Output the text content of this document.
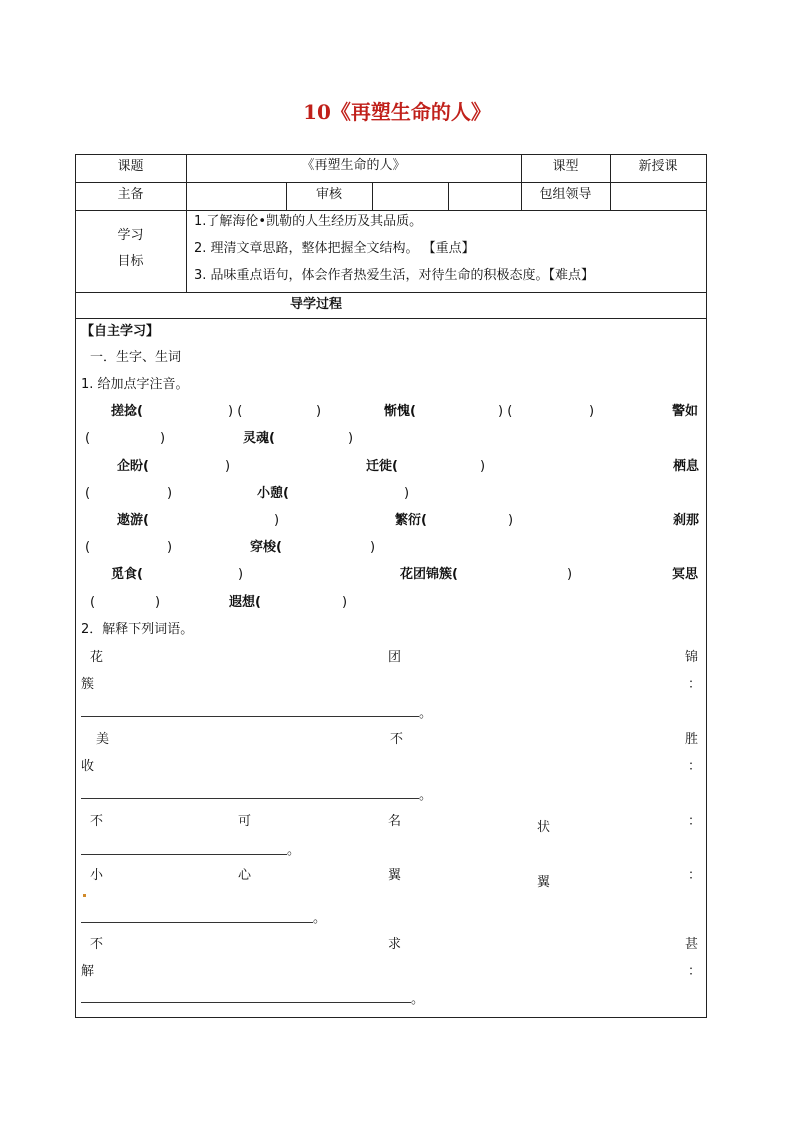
10《再塑生命的人》
课题	《再塑生命的人》	课型	新授课
主备	审核	包组领导
学习
目标
1.了解海伦•凯勒的人生经历及其品质。
2. 理清文章思路，整体把握全文结构。 【重点】
3. 品味重点语句，体会作者热爱生活，对待生命的积极态度。【难点】
导学过程
【自主学习】
一．生字、生词
1. 给加点字注音。
搓捻(	) (	)	惭愧(	) (	)	警如
(	)	灵魂(	)
企盼(	)	迁徙(	)	栖息
(	)	小憩(	)
遨游(	)	繁衍(	)	刹那
(	)	穿梭(	)
觅食(	)	花团锦簇(	)	冥思
(	)	遐想(	)
2．解释下列词语。
花	团	锦
簇	：
。
美	不	胜
收	：
。
不	可	名	状	：
。
小	心	翼	翼	：
。
不	求	甚
解	：
。
